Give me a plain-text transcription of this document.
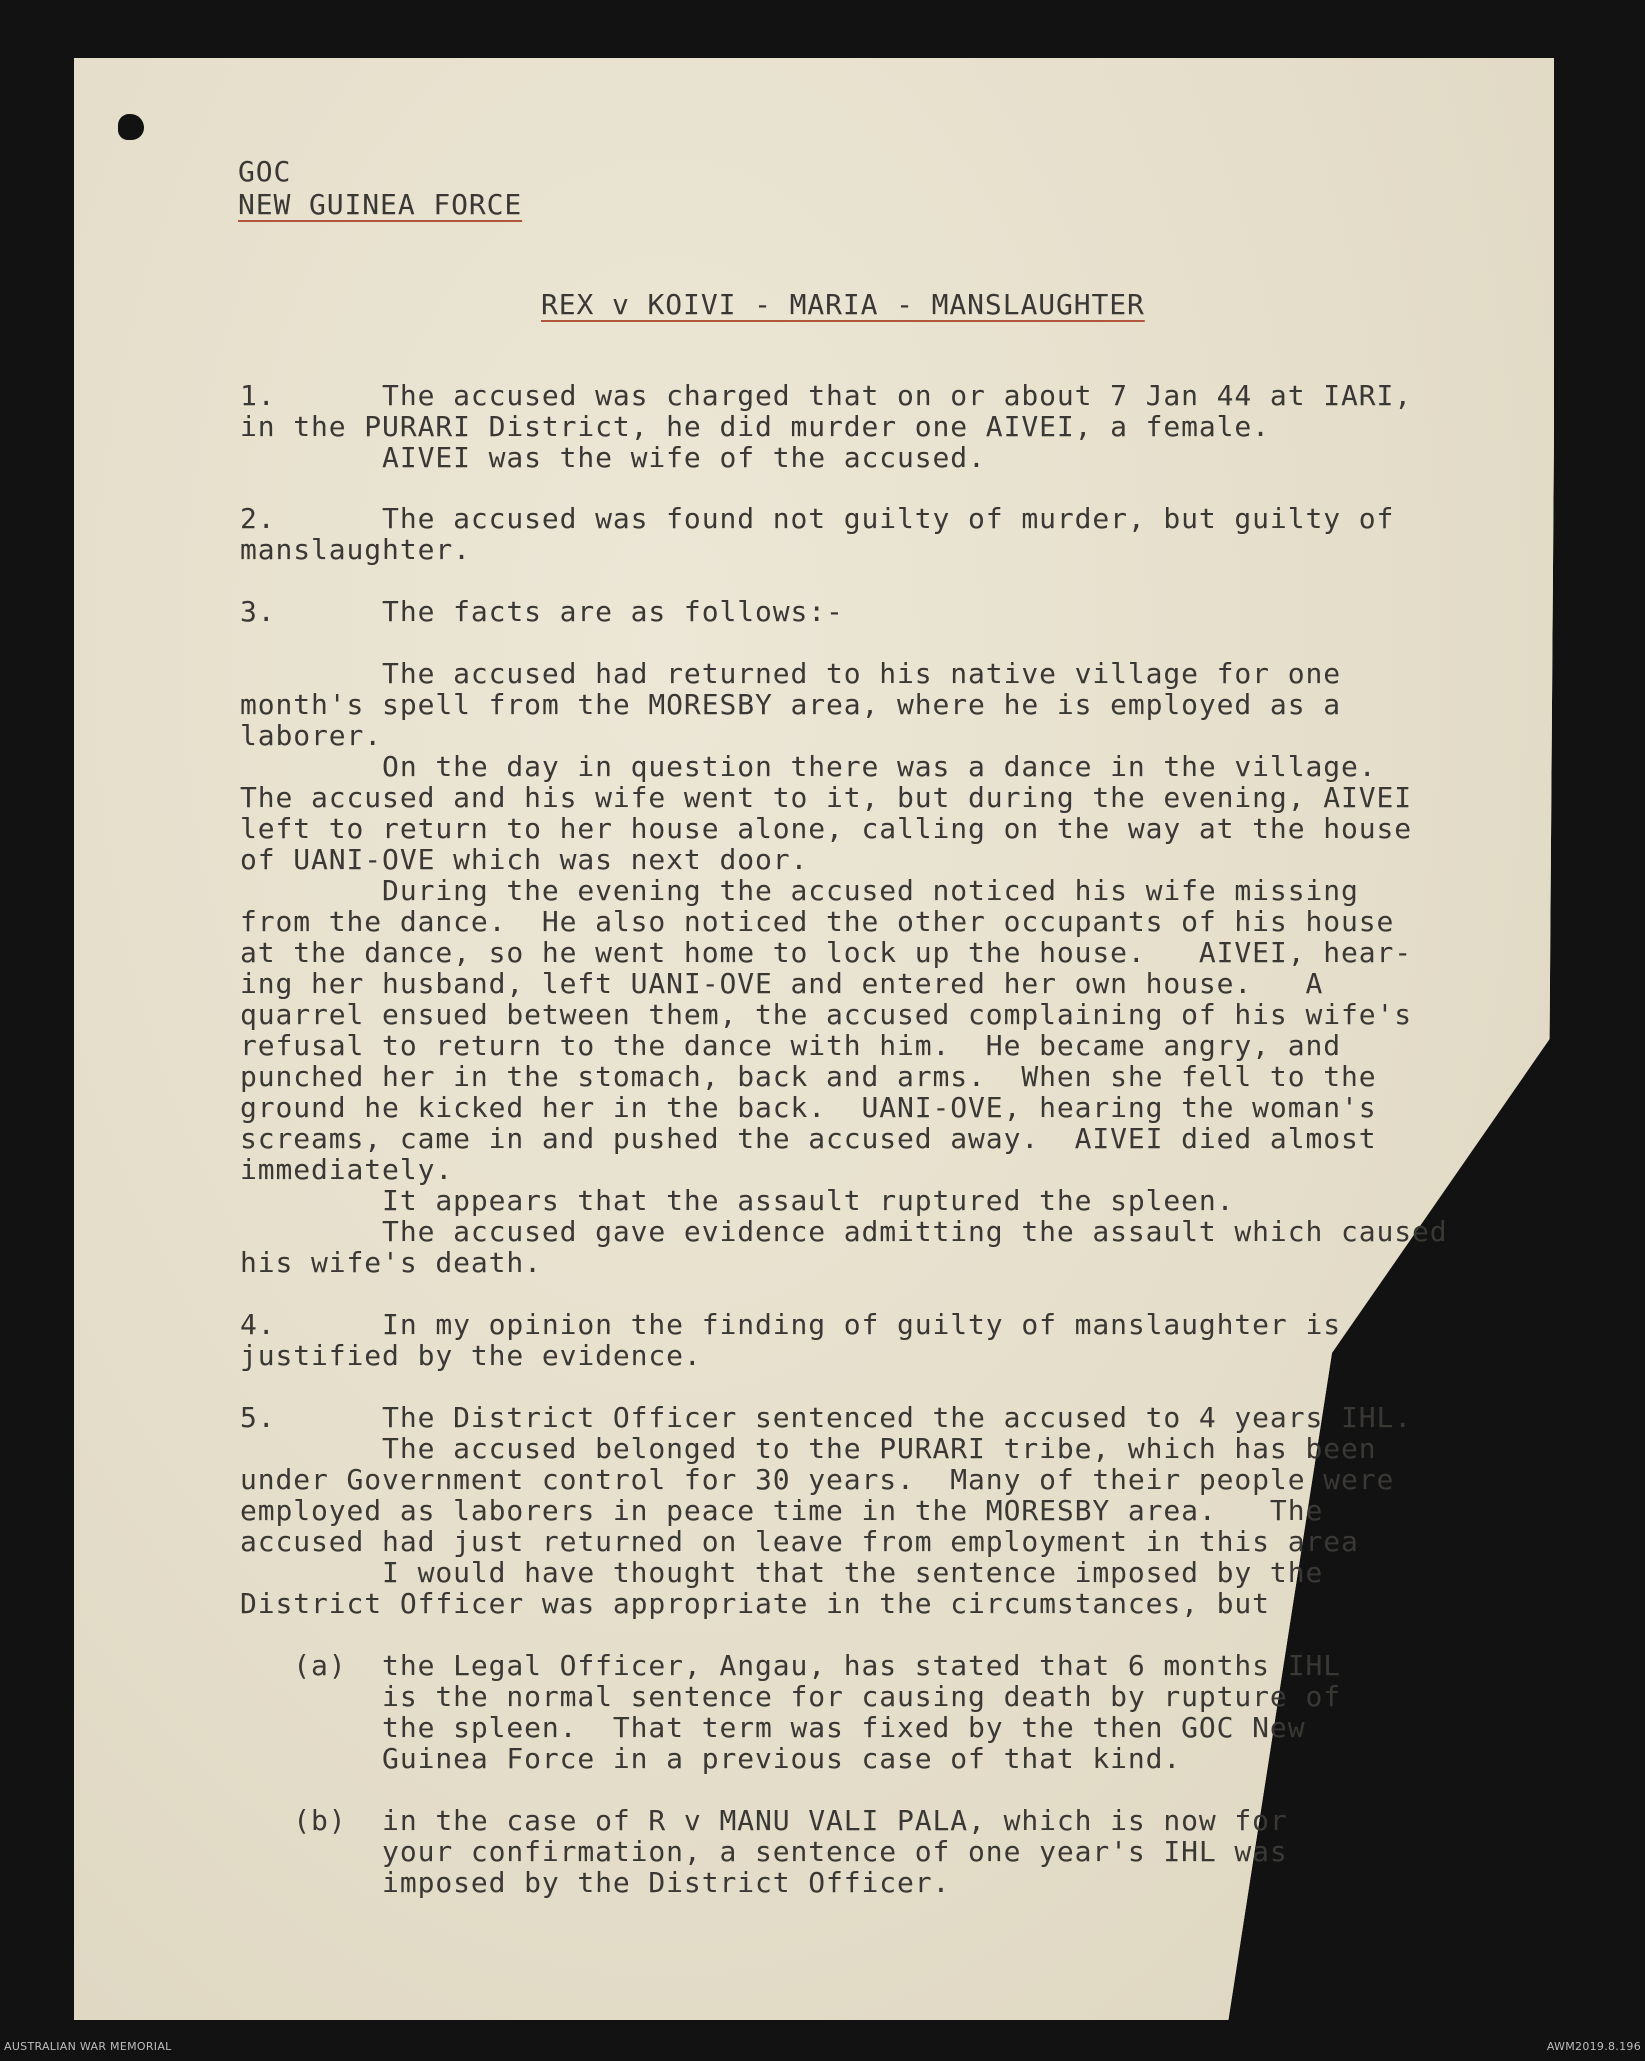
GOC

NEW GUINEA FORCE

REX v KOIVI - MARIA - MANSLAUGHTER

1.      The accused was charged that on or about 7 Jan 44 at IARI,

in the PURARI District, he did murder one AIVEI, a female.

AIVEI was the wife of the accused.

2.      The accused was found not guilty of murder, but guilty of

manslaughter.

3.      The facts are as follows:-

The accused had returned to his native village for one

month's spell from the MORESBY area, where he is employed as a

laborer.

On the day in question there was a dance in the village.

The accused and his wife went to it, but during the evening, AIVEI

left to return to her house alone, calling on the way at the house

of UANI-OVE which was next door.

During the evening the accused noticed his wife missing

from the dance.  He also noticed the other occupants of his house

at the dance, so he went home to lock up the house.   AIVEI, hear-

ing her husband, left UANI-OVE and entered her own house.   A

quarrel ensued between them, the accused complaining of his wife's

refusal to return to the dance with him.  He became angry, and

punched her in the stomach, back and arms.  When she fell to the

ground he kicked her in the back.  UANI-OVE, hearing the woman's

screams, came in and pushed the accused away.  AIVEI died almost

immediately.

It appears that the assault ruptured the spleen.

The accused gave evidence admitting the assault which caused

his wife's death.

4.      In my opinion the finding of guilty of manslaughter is

justified by the evidence.

5.      The District Officer sentenced the accused to 4 years IHL.

The accused belonged to the PURARI tribe, which has been

under Government control for 30 years.  Many of their people were

employed as laborers in peace time in the MORESBY area.   The

accused had just returned on leave from employment in this area

I would have thought that the sentence imposed by the

District Officer was appropriate in the circumstances, but

(a)  the Legal Officer, Angau, has stated that 6 months IHL

is the normal sentence for causing death by rupture of

the spleen.  That term was fixed by the then GOC New

Guinea Force in a previous case of that kind.

(b)  in the case of R v MANU VALI PALA, which is now for

your confirmation, a sentence of one year's IHL was

imposed by the District Officer.

AUSTRALIAN WAR MEMORIAL	AWM2019.8.196
